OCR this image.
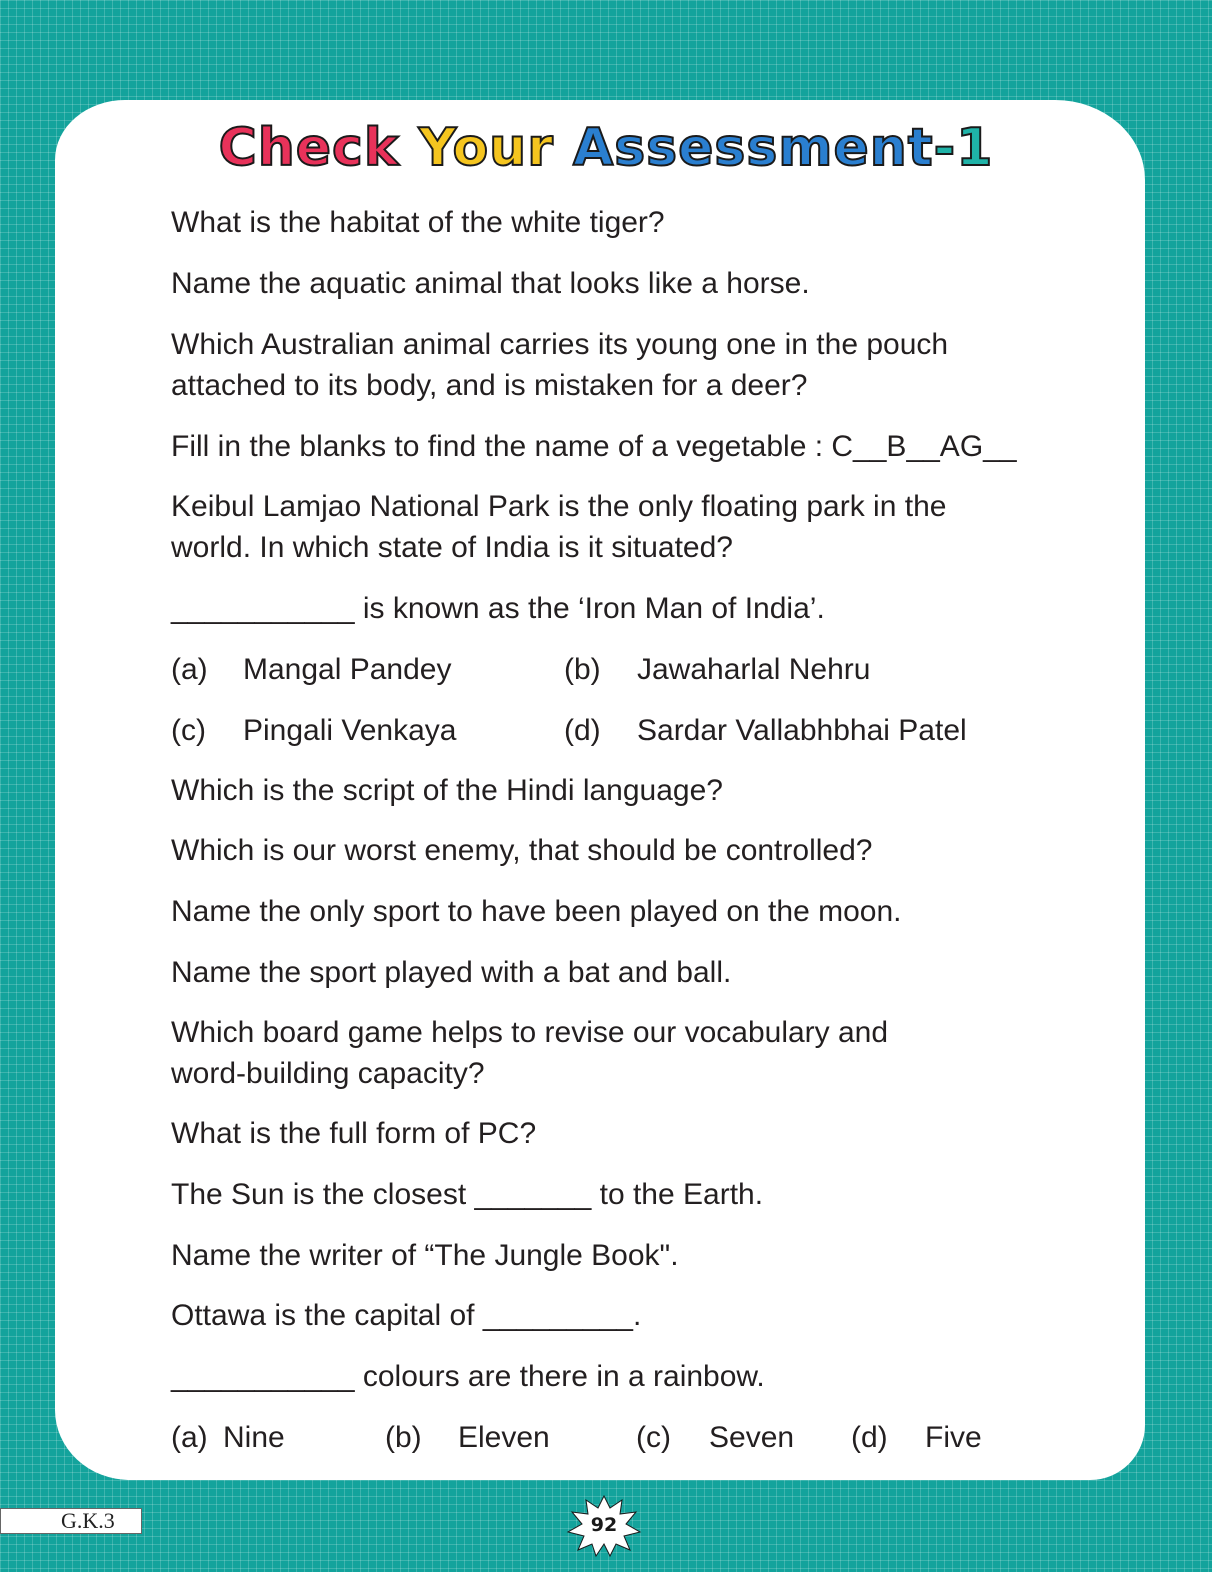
Check Your Assessment-1
What is the habitat of the white tiger?
Name the aquatic animal that looks like a horse.
Which Australian animal carries its young one in the pouch
attached to its body, and is mistaken for a deer?
Fill in the blanks to find the name of a vegetable : C__B__AG__
Keibul Lamjao National Park is the only floating park in the
world. In which state of India is it situated?
___________ is known as the ‘Iron Man of India’.
(a) Mangal Pandey	(b) Jawaharlal Nehru
(c) Pingali Venkaya	(d) Sardar Vallabhbhai Patel
Which is the script of the Hindi language?
Which is our worst enemy, that should be controlled?
Name the only sport to have been played on the moon.
Name the sport played with a bat and ball.
Which board game helps to revise our vocabulary and
word-building capacity?
What is the full form of PC?
The Sun is the closest _______ to the Earth.
Name the writer of “The Jungle Book".
Ottawa is the capital of _________.
___________ colours are there in a rainbow.
(a) Nine	(b) Eleven	(c) Seven (d) Five
G.K.3	92
